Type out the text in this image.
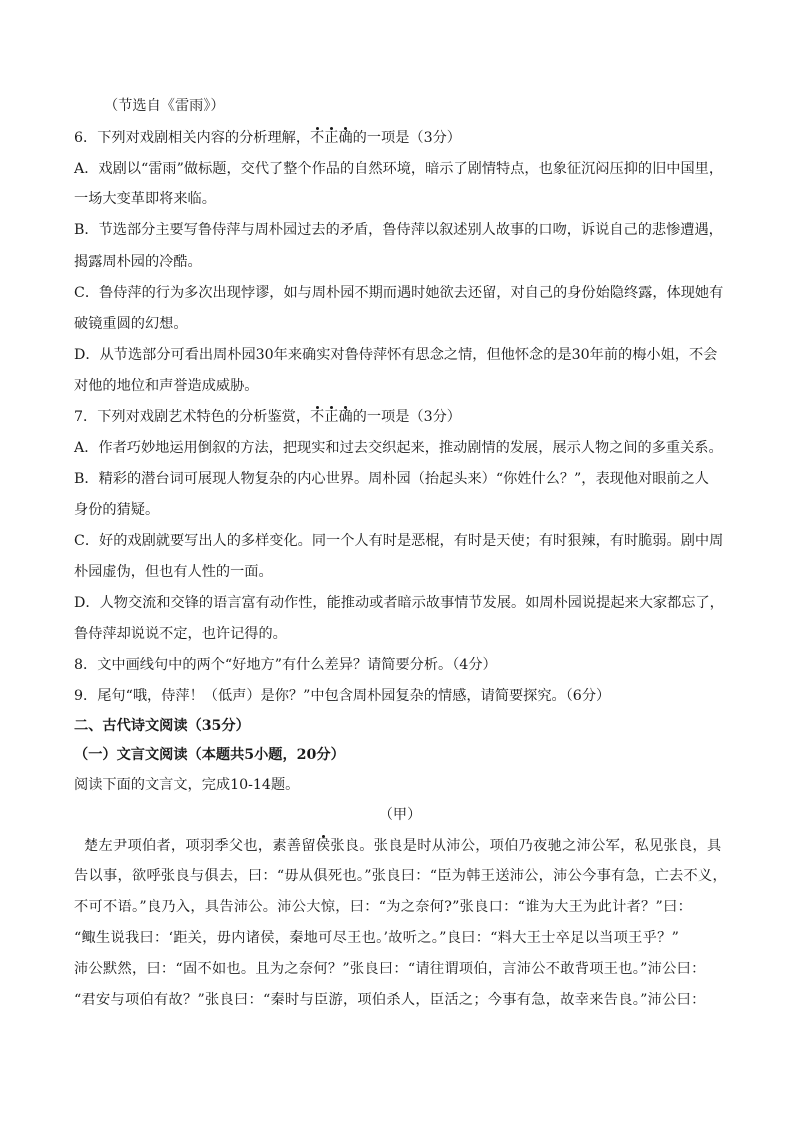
（节选自《雷雨》）
6．下列对戏剧相关内容的分析理解，不正确的一项是（3分）
A．戏剧以“雷雨”做标题，交代了整个作品的自然环境，暗示了剧情特点，也象征沉闷压抑的旧中国里，
一场大变革即将来临。
B．节选部分主要写鲁侍萍与周朴园过去的矛盾，鲁侍萍以叙述别人故事的口吻，诉说自己的悲惨遭遇，
揭露周朴园的冷酷。
C．鲁侍萍的行为多次出现悖谬，如与周朴园不期而遇时她欲去还留，对自己的身份始隐终露，体现她有
破镜重圆的幻想。
D．从节选部分可看出周朴园30年来确实对鲁侍萍怀有思念之情，但他怀念的是30年前的梅小姐，不会
对他的地位和声誉造成威胁。
7．下列对戏剧艺术特色的分析鉴赏，不正确的一项是（3分）
A．作者巧妙地运用倒叙的方法，把现实和过去交织起来，推动剧情的发展，展示人物之间的多重关系。
B．精彩的潜台词可展现人物复杂的内心世界。周朴园（抬起头来）“你姓什么？”，表现他对眼前之人
身份的猜疑。
C．好的戏剧就要写出人的多样变化。同一个人有时是恶棍，有时是天使；有时狠辣，有时脆弱。剧中周
朴园虚伪，但也有人性的一面。
D．人物交流和交锋的语言富有动作性，能推动或者暗示故事情节发展。如周朴园说提起来大家都忘了，
鲁侍萍却说说不定，也许记得的。
8．文中画线句中的两个“好地方”有什么差异？请简要分析。（4分）
9．尾句“哦，侍萍！（低声）是你？”中包含周朴园复杂的情感，请简要探究。（6分）
二、古代诗文阅读（35分）
（一）文言文阅读（本题共5小题，20分）
阅读下面的文言文，完成10-14题。
（甲）
楚左尹项伯者，项羽季父也，素善留侯张良。张良是时从沛公，项伯乃夜驰之沛公军，私见张良，具
告以事，欲呼张良与俱去，曰：“毋从俱死也。”张良曰：“臣为韩王送沛公，沛公今事有急，亡去不义，
不可不语。”良乃入，具告沛公。沛公大惊，曰：“为之奈何?”张良口：“谁为大王为此计者？”曰：
“鲰生说我曰：‘距关，毋内诸侯，秦地可尽王也。’故听之。”良曰：“料大王士卒足以当项王乎？”
沛公默然，曰：“固不如也。且为之奈何？”张良曰：“请往谓项伯，言沛公不敢背项王也。”沛公曰：
“君安与项伯有故？”张良曰：“秦时与臣游，项伯杀人，臣活之；今事有急，故幸来告良。”沛公曰：
